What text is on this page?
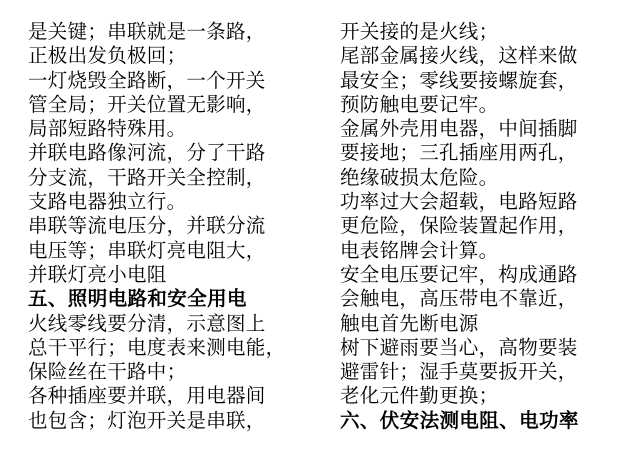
是关键；串联就是一条路，
正极出发负极回；
一灯烧毁全路断，一个开关
管全局；开关位置无影响，
局部短路特殊用。
并联电路像河流，分了干路
分支流，干路开关全控制，
支路电器独立行。
串联等流电压分，并联分流
电压等；串联灯亮电阻大，
并联灯亮小电阻
五、照明电路和安全用电
火线零线要分清，示意图上
总干平行；电度表来测电能，
保险丝在干路中；
各种插座要并联，用电器间
也包含；灯泡开关是串联，
开关接的是火线；
尾部金属接火线，这样来做
最安全；零线要接螺旋套，
预防触电要记牢。
金属外壳用电器，中间插脚
要接地；三孔插座用两孔，
绝缘破损太危险。
功率过大会超载，电路短路
更危险，保险装置起作用，
电表铭牌会计算。
安全电压要记牢，构成通路
会触电，高压带电不靠近，
触电首先断电源
树下避雨要当心，高物要装
避雷针；湿手莫要扳开关，
老化元件勤更换；
六、伏安法测电阻、电功率
